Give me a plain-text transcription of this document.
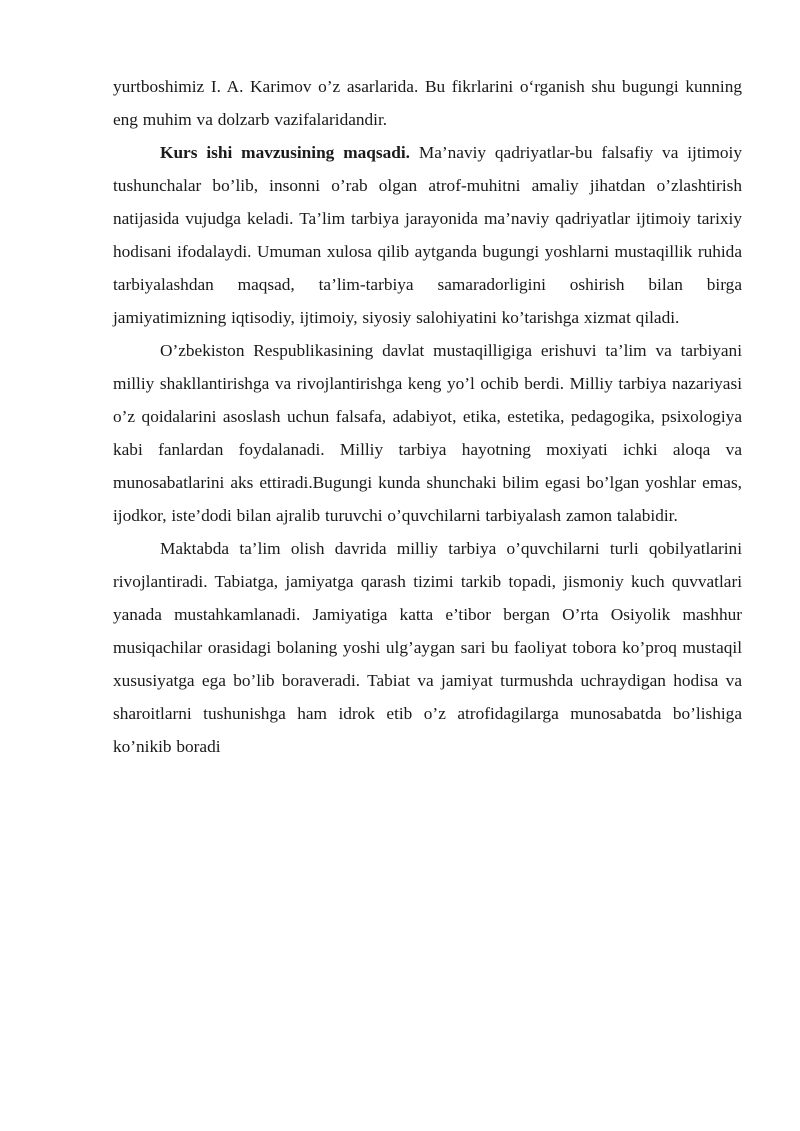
yurtboshimiz I. A. Karimov o’z asarlarida. Bu fikrlarini o‘rganish shu bugungi kunning eng muhim va dolzarb vazifalaridandir.

Kurs ishi mavzusining maqsadi. Ma’naviy qadriyatlar-bu falsafiy va ijtimoiy tushunchalar bo’lib, insonni o’rab olgan atrof-muhitni amaliy jihatdan o’zlashtirish natijasida vujudga keladi. Ta’lim tarbiya jarayonida ma’naviy qadriyatlar ijtimoiy tarixiy hodisani ifodalaydi. Umuman xulosa qilib aytganda bugungi yoshlarni mustaqillik ruhida tarbiyalashdan maqsad, ta’lim-tarbiya samaradorligini oshirish bilan birga jamiyatimizning iqtisodiy, ijtimoiy, siyosiy salohiyatini ko’tarishga xizmat qiladi.

O’zbekiston Respublikasining davlat mustaqilligiga erishuvi ta’lim va tarbiyani milliy shakllantirishga va rivojlantirishga keng yo’l ochib berdi. Milliy tarbiya nazariyasi o’z qoidalarini asoslash uchun falsafa, adabiyot, etika, estetika, pedagogika, psixologiya kabi fanlardan foydalanadi. Milliy tarbiya hayotning moxiyati ichki aloqa va munosabatlarini aks ettiradi.Bugungi kunda shunchaki bilim egasi bo’lgan yoshlar emas, ijodkor, iste’dodi bilan ajralib turuvchi o’quvchilarni tarbiyalash zamon talabidir.

Maktabda ta’lim olish davrida milliy tarbiya o’quvchilarni turli qobilyatlarini rivojlantiradi. Tabiatga, jamiyatga qarash tizimi tarkib topadi, jismoniy kuch quvvatlari yanada mustahkamlanadi. Jamiyatiga katta e’tibor bergan O’rta Osiyolik mashhur musiqachilar orasidagi bolaning yoshi ulg’aygan sari bu faoliyat tobora ko’proq mustaqil xususiyatga ega bo’lib boraveradi. Tabiat va jamiyat turmushda uchraydigan hodisa va sharoitlarni tushunishga ham idrok etib o’z atrofidagilarga munosabatda bo’lishiga ko’nikib boradi
